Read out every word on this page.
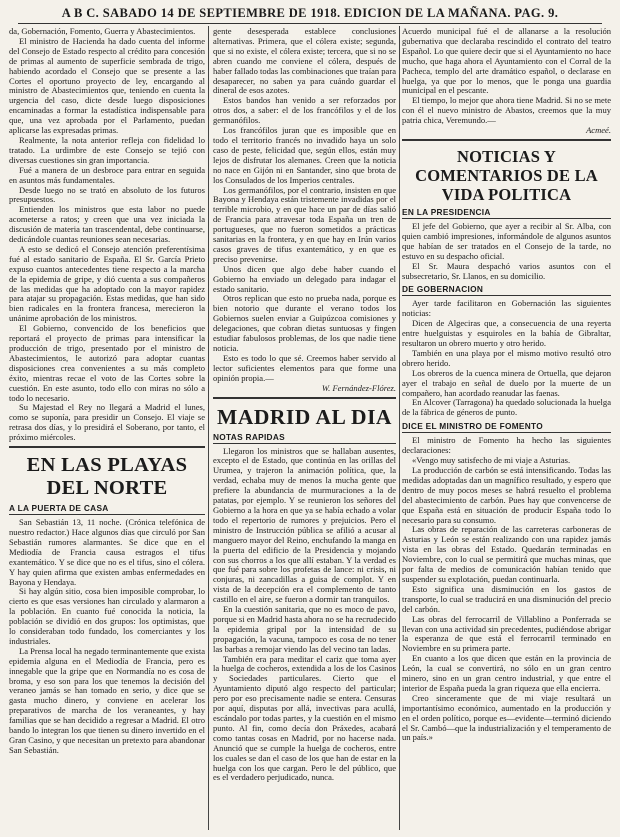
A B C. SABADO 14 DE SEPTIEMBRE DE 1918. EDICION DE LA MAÑANA. PAG. 9.

da, Gobernación, Fomento, Guerra y Abastecimientos.

El ministro de Hacienda ha dado cuenta del informe del Consejo de Estado respecto al crédito para concesión de primas al aumento de superficie sembrada de trigo, habiendo acordado el Consejo que se presente a las Cortes el oportuno proyecto de ley, encargando al ministro de Abastecimientos que, teniendo en cuenta la urgencia del caso, dicte desde luego disposiciones encaminadas a formar la estadística indispensable para que, una vez aprobada por el Parlamento, puedan aplicarse las expresadas primas.

Realmente, la nota anterior refleja con fidelidad lo tratado. La urdimbre de este Consejo se tejió con diversas cuestiones sin gran importancia.

Fué a manera de un desbroce para entrar en seguida en asuntos más fundamentales.

Desde luego no se trató en absoluto de los futuros presupuestos.

Entienden los ministros que esta labor no puede acometerse a ratos; y creen que una vez iniciada la discusión de materia tan trascendental, debe continuarse, dedicándole cuantas reuniones sean necesarias.

A esto se dedicó el Consejo atención preferentísima fué al estado sanitario de España. El Sr. García Prieto expuso cuantos antecedentes tiene respecto a la marcha de la epidemia de gripe, y dió cuenta a sus compañeros de las medidas que ha adoptado con la mayor rapidez para atajar su propagación. Estas medidas, que han sido bien radicales en la frontera francesa, merecieron la unánime aprobación de los ministros.

El Gobierno, convencido de los beneficios que reportará el proyecto de primas para intensificar la producción de trigo, presentado por el ministro de Abastecimientos, le autorizó para adoptar cuantas disposiciones crea convenientes a su más completo éxito, mientras recae el voto de las Cortes sobre la cuestión. En este asunto, todo ello con miras no sólo a todo lo necesario.

Su Majestad el Rey no llegará a Madrid el lunes, como se suponía, para presidir un Consejo. El viaje se retrasa dos días, y lo presidirá el Soberano, por tanto, el próximo miércoles.

EN LAS PLAYAS DEL NORTE
A LA PUERTA DE CASA

San Sebastián 13, 11 noche. (Crónica telefónica de nuestro redactor.) Hace algunos días que circuló por San Sebastián rumores alarmantes. Se dice que en el Mediodía de Francia causa estragos el tifus exantemático. Y se dice que no es el tifus, sino el cólera. Y hay quien afirma que existen ambas enfermedades en Bayona y Hendaya.

Si hay algún sitio, cosa bien imposible comprobar, lo cierto es que esas versiones han circulado y alarmaron a la población. En cuanto fué conocida la noticia, la población se dividió en dos grupos: los optimistas, que lo consideraban todo fundado, los comerciantes y los industriales.

La Prensa local ha negado terminantemente que exista epidemia alguna en el Mediodía de Francia, pero es innegable que la gripe que en Normandía no es cosa de broma, y eso son para los que tenemos la decisión del veraneo jamás se han tomado en serio, y dice que se gasta mucho dinero, y conviene en acelerar los preparativos de marcha de los veraneantes, y hay familias que se han decidido a regresar a Madrid. El otro bando lo integran los que tienen su dinero invertido en el Gran Casino, y que necesitan un pretexto para abandonar San Sebastián.

gente desesperada establece conclusiones alternativas. Primera, que el cólera existe; segunda, que si no existe, el cólera existe; tercera, que si no se abren cuando me conviene el cólera, después de haber fallado todas las combinaciones que traían para desaparecer, no saben ya para cuándo guardar el dineral de esos azotes.

Estos bandos han venido a ser reforzados por otros dos, a saber: el de los francófilos y el de los germanófilos.

Los francófilos juran que es imposible que en todo el territorio francés no invadido haya un solo caso de peste, felicidad que, según ellos, están muy lejos de disfrutar los alemanes. Creen que la noticia no nace en Gijón ni en Santander, sino que brota de los Consulados de los Imperios centrales.

Los germanófilos, por el contrario, insisten en que Bayona y Hendaya están tristemente invadidas por el terrible microbio, y en que hace un par de días salió de Francia para atravesar toda España un tren de portugueses, que no fueron sometidos a prácticas sanitarias en la frontera, y en que hay en Irún varios casos graves de tifus exantemático, y en que es preciso prevenirse.

Unos dicen que algo debe haber cuando el Gobierno ha enviado un delegado para indagar el estado sanitario.

Otros replican que esto no prueba nada, porque es bien notorio que durante el verano todos los Gobiernos suelen enviar a Guipúzcoa comisiones y delegaciones, que cobran dietas suntuosas y fingen estudiar fabulosos problemas, de los que nadie tiene noticia.

Esto es todo lo que sé. Creemos haber servido al lector suficientes elementos para que forme una opinión propia.—

W. Fernández-Flórez.

MADRID AL DIA
NOTAS RAPIDAS

Llegaron los ministros que se hallaban ausentes, excepto el de Estado, que continúa en las orillas del Urumea, y trajeron la animación política, que, la verdad, echaba muy de menos la mucha gente que prefiere la abundancia de murmuraciones a la de patatas, por ejemplo. Y se reunieron los señores del Gobierno a la hora en que ya se había echado a volar todo el repertorio de rumores y prejuicios. Pero el ministro de Instrucción pública se afilió a acusar al manguero mayor del Reino, enchufando la manga en la puerta del edificio de la Presidencia y mojando con sus chorros a los que allí estaban. Y la verdad es que fué para sobre los profetas de lance: ni crisis, ni conjuras, ni zancadillas a guisa de complot. Y en vista de la decepción era el complemento de tanto castillo en el aire, se fueron a dormir tan tranquilos.

En la cuestión sanitaria, que no es moco de pavo, porque si en Madrid hasta ahora no se ha recrudecido la epidemia gripal por la intensidad de su propagación, la vacuna, tampoco es cosa de no tener las barbas a remojar viendo las del vecino tan ladas.

También era para meditar el cariz que toma ayer la huelga de cocheros, extendida a los de los Casinos y Sociedades particulares. Cierto que el Ayuntamiento diputó algo respecto del particular; pero por eso precisamente nadie se entera. Censuras por aquí, disputas por allá, invectivas para acullá, escándalo por todas partes, y la cuestión en el mismo punto. Al fin, como decía don Práxedes, acabará como tantas cosas en Madrid, por no hacerse nada. Anunció que se cumple la huelga de cocheros, entre los cuales se dan el caso de los que han de estar en la huelga con los que cargan. Pero le del público, que es el verdadero perjudicado, nunca.

Acuerdo municipal fué el de allanarse a la resolución gubernativa que declaraba rescindido el contrato del teatro Español. Lo que quiere decir que si el Ayuntamiento no hace mucho, que haga ahora el Ayuntamiento con el Corral de la Pacheca, templo del arte dramático español, o declarase en huelga, ya que por lo menos, que le ponga una guardia municipal en el pescante.

El tiempo, lo mejor que ahora tiene Madrid. Si no se mete con él el nuevo ministro de Abastos, creemos que la muy patria chica, Veremundo.—

Acmeé.

NOTICIAS Y COMENTARIOS DE LA VIDA POLITICA
EN LA PRESIDENCIA

El jefe del Gobierno, que ayer a recibir al Sr. Alba, con quien cambió impresiones, informándole de algunos asuntos que habían de ser tratados en el Consejo de la tarde, no estuvo en su despacho oficial.

El Sr. Maura despachó varios asuntos con el subsecretario, Sr. Llanos, en su domicilio.

DE GOBERNACION

Ayer tarde facilitaron en Gobernación las siguientes noticias:

Dicen de Algeciras que, a consecuencia de una reyerta entre huelguistas y esquiroles en la bahía de Gibraltar, resultaron un obrero muerto y otro herido.

También en una playa por el mismo motivo resultó otro obrero herido.

Los obreros de la cuenca minera de Ortuella, que dejaron ayer el trabajo en señal de duelo por la muerte de un compañero, han acordado reanudar las faenas.

En Alcover (Tarragona) ha quedado solucionada la huelga de la fábrica de géneros de punto.

DICE EL MINISTRO DE FOMENTO

El ministro de Fomento ha hecho las siguientes declaraciones:

«Vengo muy satisfecho de mi viaje a Asturias.

La producción de carbón se está intensificando. Todas las medidas adoptadas dan un magnífico resultado, y espero que dentro de muy pocos meses se habrá resuelto el problema del abastecimiento de carbón. Pues hay que convencerse de que España está en situación de producir España todo lo necesario para su consumo.

Las obras de reparación de las carreteras carboneras de Asturias y León se están realizando con una rapidez jamás vista en las obras del Estado. Quedarán terminadas en Noviembre, con lo cual se permitirá que muchas minas, que por falta de medios de comunicación habían tenido que suspender su explotación, puedan continuarla.

Esto significa una disminución en los gastos de transporte, lo cual se traducirá en una disminución del precio del carbón.

Las obras del ferrocarril de Villablino a Ponferrada se llevan con una actividad sin precedentes, pudiéndose abrigar la esperanza de que está el ferrocarril terminado en Noviembre en su primera parte.

En cuanto a los que dicen que están en la provincia de León, la cual se convertirá, no sólo en un gran centro minero, sino en un gran centro industrial, y que entre el interior de España pueda la gran riqueza que ella encierra.

Creo sinceramente que de mi viaje resultará un importantísimo económico, aumentado en la producción y en el orden político, porque es—evidente—terminó diciendo el Sr. Cambó—que la industrialización y el temperamento de un país.»
